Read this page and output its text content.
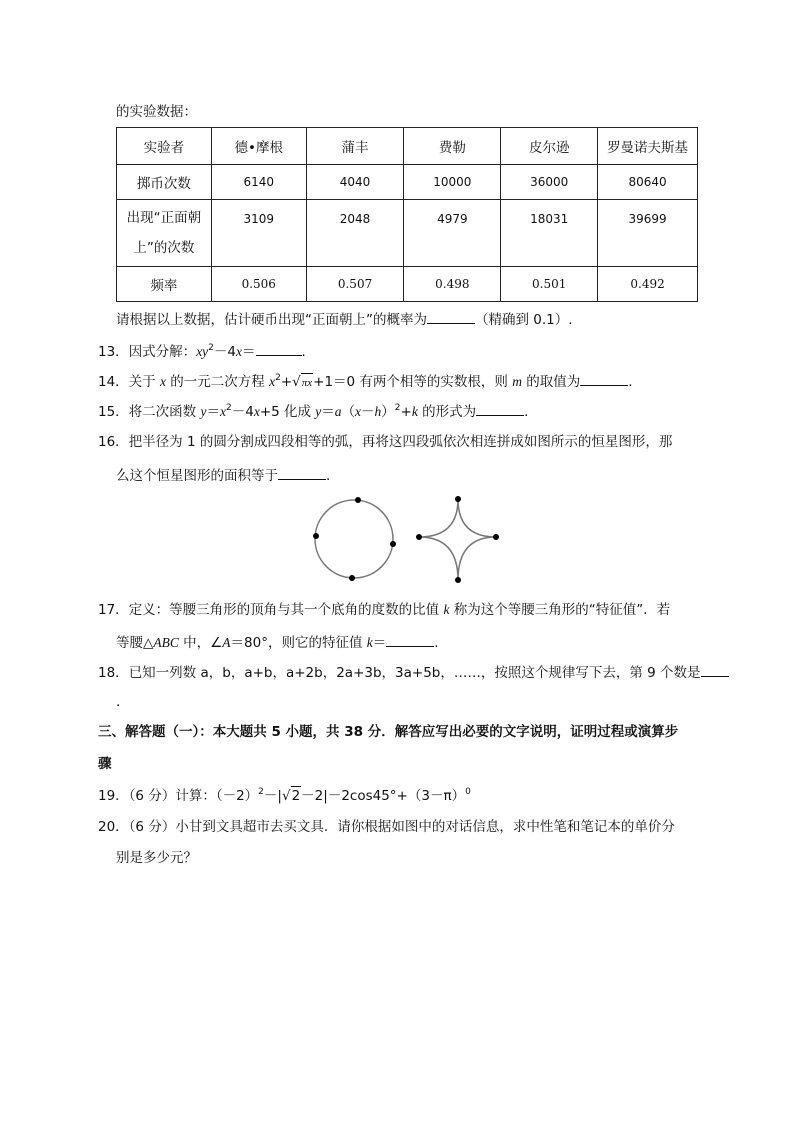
的实验数据：
实验者	德•摩根	蒲丰	费勒	皮尔逊	罗曼诺夫斯基
掷币次数	6140	4040	10000	36000	80640

出现“正面朝
上”的次数	3109	2048	4979	18031	39699
频率	0.506	0.507	0.498	0.501	0.492
请根据以上数据，估计硬币出现“正面朝上”的概率为	（精确到 0.1）.
13．因式分解：$xy^2-4x=$	.
14．关于 x 的一元二次方程 $x^2+√\pi x+1=0$ 有两个相等的实数根，则 m 的取值为	.
15．将二次函数 $y=x^2-4x+5$ 化成 $y=a(x-h)^2+k$ 的形式为	.
16．把半径为 1 的圆分割成四段相等的弧，再将这四段弧依次相连拼成如图所示的恒星图形，那
么这个恒星图形的面积等于	.
17．定义：等腰三角形的顶角与其一个底角的度数的比值 k 称为这个等腰三角形的“特征值”．若
等腰△ABC 中，∠A＝80°，则它的特征值 k＝	.
18．已知一列数 a，b，a+b，a+2b，2a+3b，3a+5b，……，按照这个规律写下去，第 9 个数是
.
三、解答题（一）：本大题共 5 小题，共 38 分．解答应写出必要的文字说明，证明过程或演算步
骤
19．（6 分）计算：$(-2)^2-|√2-2|-2\cos 45^\circ+(3-\pi)^0$
20．（6 分）小甘到文具超市去买文具．请你根据如图中的对话信息，求中性笔和笔记本的单价分
别是多少元？
